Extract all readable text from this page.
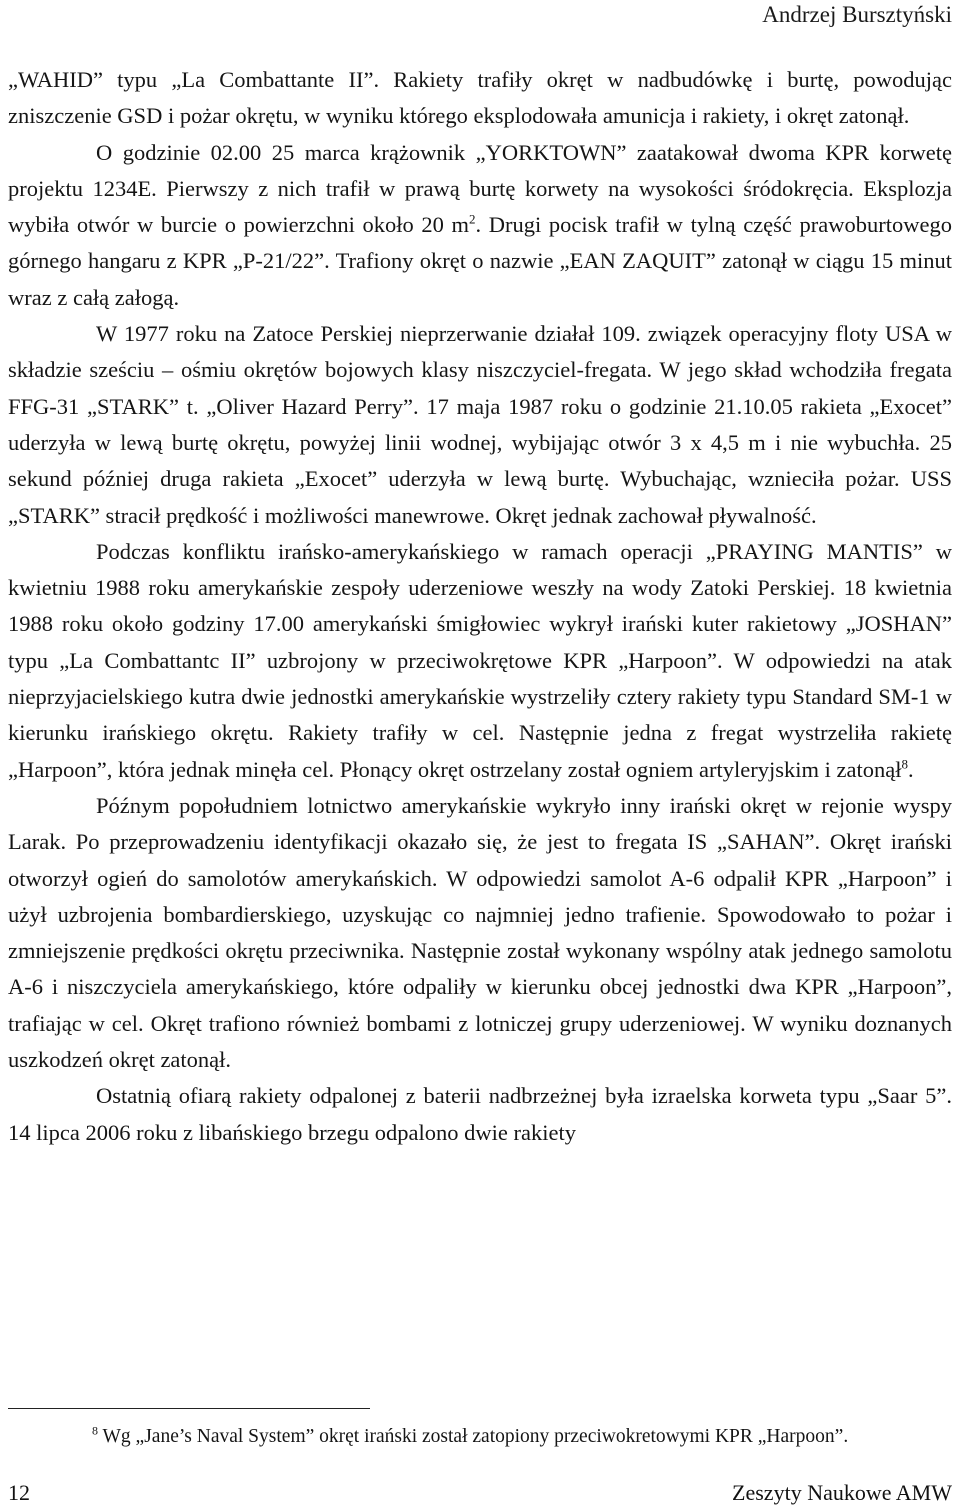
Andrzej Bursztyński

„WAHID” typu „La Combattante II”. Rakiety trafiły okręt w nadbudówkę i burtę, powodując zniszczenie GSD i pożar okrętu, w wyniku którego eksplodowała amunicja i rakiety, i okręt zatonął.

O godzinie 02.00 25 marca krążownik „YORKTOWN” zaatakował dwoma KPR korwetę projektu 1234E. Pierwszy z nich trafił w prawą burtę korwety na wysokości śródokręcia. Eksplozja wybiła otwór w burcie o powierzchni około 20 $m^2$. Drugi pocisk trafił w tylną część prawoburtowego górnego hangaru z KPR „P-21/22”. Trafiony okręt o nazwie „EAN ZAQUIT” zatonął w ciągu 15 minut wraz z całą załogą.

W 1977 roku na Zatoce Perskiej nieprzerwanie działał 109. związek operacyjny floty USA w składzie sześciu – ośmiu okrętów bojowych klasy niszczyciel-fregata. W jego skład wchodziła fregata FFG-31 „STARK” t. „Oliver Hazard Perry”. 17 maja 1987 roku o godzinie 21.10.05 rakieta „Exocet” uderzyła w lewą burtę okrętu, powyżej linii wodnej, wybijając otwór 3 x 4,5 m i nie wybuchła. 25 sekund później druga rakieta „Exocet” uderzyła w lewą burtę. Wybuchając, wznieciła pożar. USS „STARK” stracił prędkość i możliwości manewrowe. Okręt jednak zachował pływalność.

Podczas konfliktu irańsko-amerykańskiego w ramach operacji „PRAYING MANTIS” w kwietniu 1988 roku amerykańskie zespoły uderzeniowe weszły na wody Zatoki Perskiej. 18 kwietnia 1988 roku około godziny 17.00 amerykański śmigłowiec wykrył irański kuter rakietowy „JOSHAN” typu „La Combattantc II” uzbrojony w przeciwokrętowe KPR „Harpoon”. W odpowiedzi na atak nieprzyjacielskiego kutra dwie jednostki amerykańskie wystrzeliły cztery rakiety typu Standard SM-1 w kierunku irańskiego okrętu. Rakiety trafiły w cel. Następnie jedna z fregat wystrzeliła rakietę „Harpoon”, która jednak minęła cel. Płonący okręt ostrzelany został ogniem artyleryjskim i zatonął$^8$.

Późnym popołudniem lotnictwo amerykańskie wykryło inny irański okręt w rejonie wyspy Larak. Po przeprowadzeniu identyfikacji okazało się, że jest to fregata IS „SAHAN”. Okręt irański otworzył ogień do samolotów amerykańskich. W odpowiedzi samolot A-6 odpalił KPR „Harpoon” i użył uzbrojenia bombardierskiego, uzyskując co najmniej jedno trafienie. Spowodowało to pożar i zmniejszenie prędkości okrętu przeciwnika. Następnie został wykonany wspólny atak jednego samolotu A-6 i niszczyciela amerykańskiego, które odpaliły w kierunku obcej jednostki dwa KPR „Harpoon”, trafiając w cel. Okręt trafiono również bombami z lotniczej grupy uderzeniowej. W wyniku doznanych uszkodzeń okręt zatonął.

Ostatnią ofiarą rakiety odpalonej z baterii nadbrzeżnej była izraelska korweta typu „Saar 5”. 14 lipca 2006 roku z libańskiego brzegu odpalono dwie rakiety

$^8$ Wg „Jane’s Naval System” okręt irański został zatopiony przeciwokretowymi KPR „Harpoon”.
12	Zeszyty Naukowe AMW
